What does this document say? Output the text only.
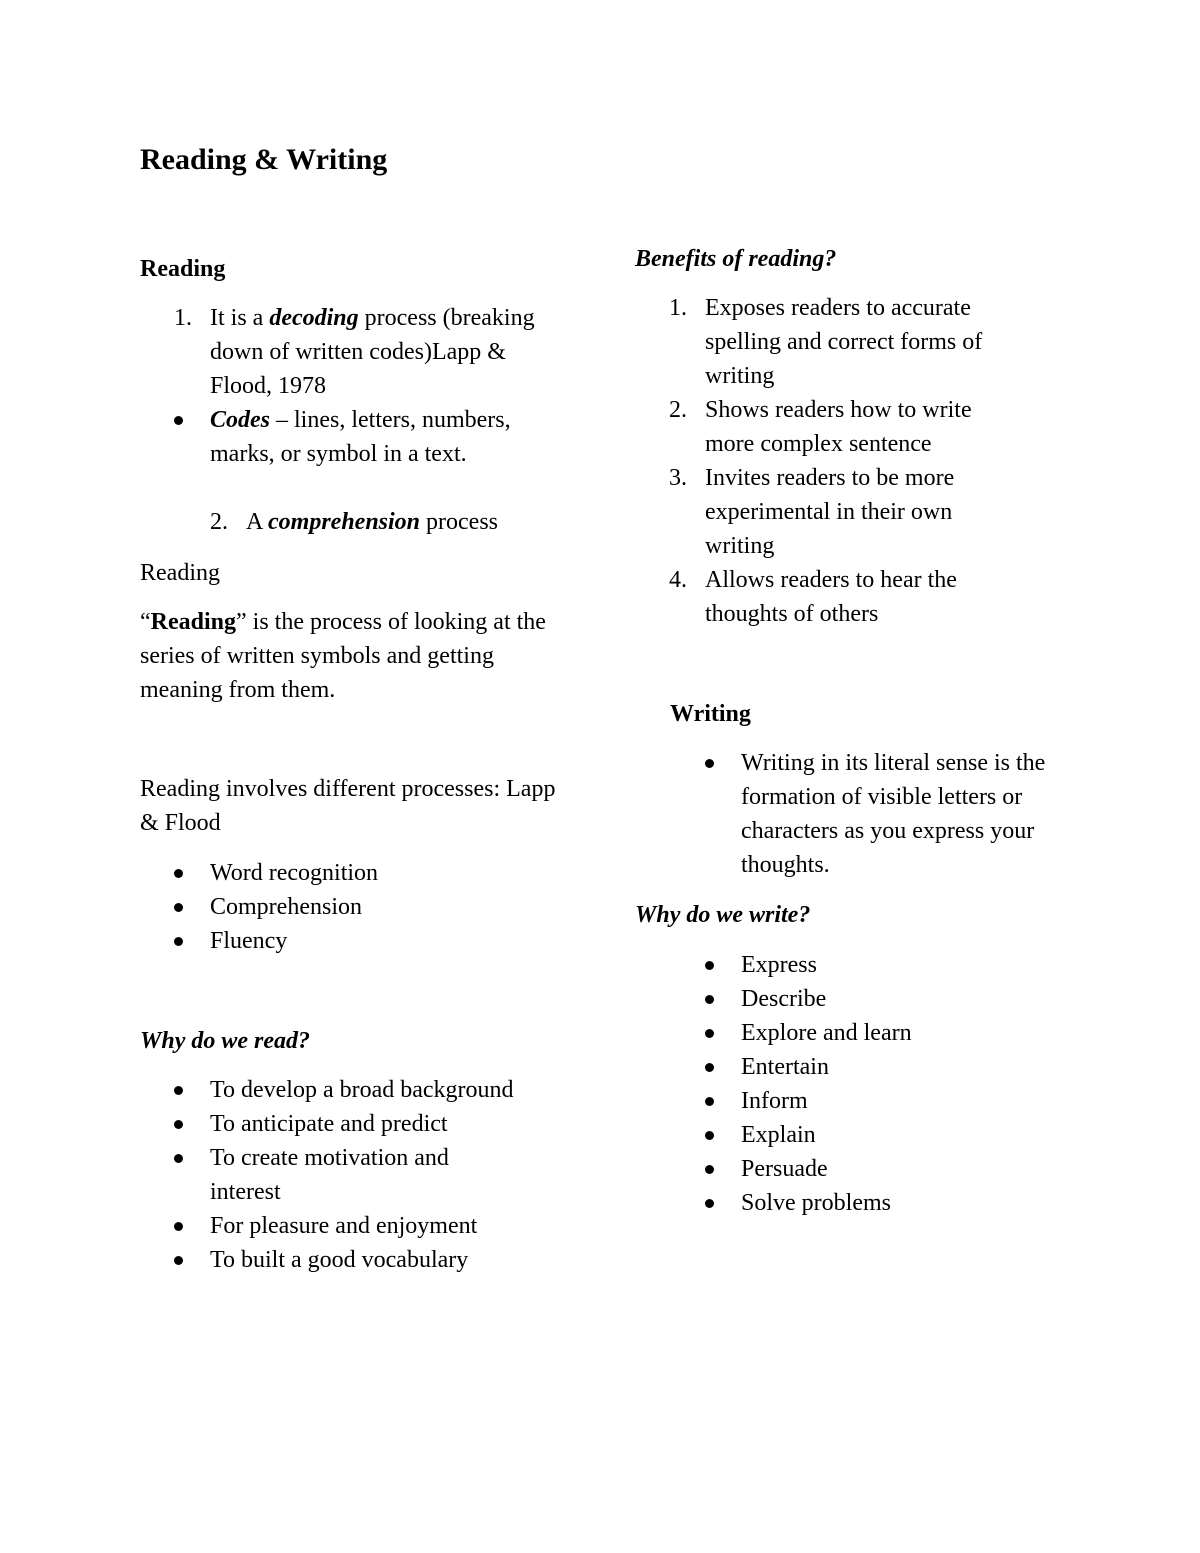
Reading & Writing

Reading

1. It is a decoding process (breaking down of written codes)Lapp & Flood, 1978
Codes – lines, letters, numbers, marks, or symbol in a text.
2. A comprehension process

Reading

“Reading” is the process of looking at the series of written symbols and getting meaning from them.

Reading involves different processes: Lapp & Flood

Word recognition
Comprehension
Fluency

Why do we read?

To develop a broad background
To anticipate and predict
To create motivation and interest
For pleasure and enjoyment
To built a good vocabulary

Benefits of reading?

1. Exposes readers to accurate spelling and correct forms of writing
2. Shows readers how to write more complex sentence
3. Invites readers to be more experimental in their own writing
4. Allows readers to hear the thoughts of others

Writing

Writing in its literal sense is the formation of visible letters or characters as you express your thoughts.

Why do we write?

Express
Describe
Explore and learn
Entertain
Inform
Explain
Persuade
Solve problems
